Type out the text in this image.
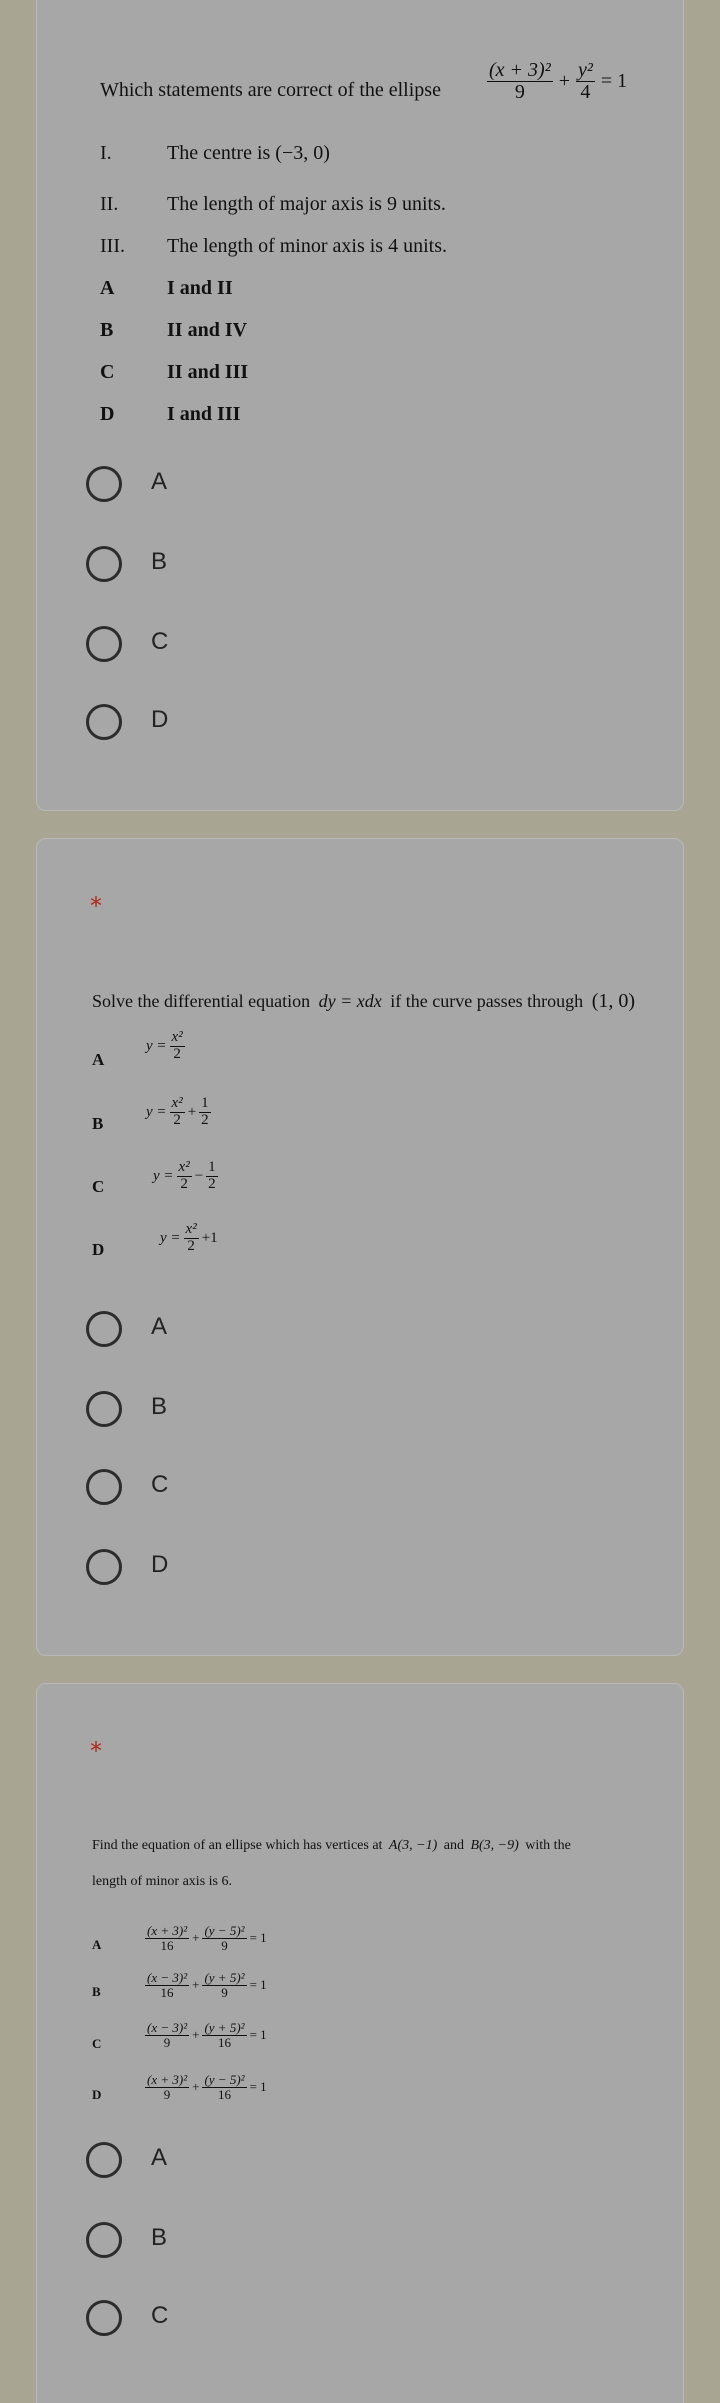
Which statements are correct of the ellipse $\frac{\text{(x + 3)²}}{9} + \frac{\text{y²}}{4} = 1$
I.	The centre is (−3, 0)
II. The length of major axis is 9 units.
III. The length of minor axis is 4 units.
A	I and II
B	II and IV
C	II and III
D	I and III
A
B
C
D
*
Solve the differential equation dy = xdx if the curve passes through (1, 0)
A
$y = \frac{\text{x²}}{2}$
B
$y = \frac{\text{x²}}{2} + \frac{1}{2}$
C
$y = \frac{\text{x²}}{2} - \frac{1}{2}$
D
$y = \frac{\text{x²}}{2} +1$
A
B
C
D
*
Find the equation of an ellipse which has vertices at A(3, −1) and B(3, −9) with the
length of minor axis is 6.
A	$\frac{\text{(x + 3)²}}{16} + \frac{\text{(y − 5)²}}{9} = 1$
B	$\frac{\text{(x − 3)²}}{16} + \frac{\text{(y + 5)²}}{9} = 1$
C	$\frac{\text{(x − 3)²}}{9} + \frac{\text{(y + 5)²}}{16} = 1$
D	$\frac{\text{(x + 3)²}}{9} + \frac{\text{(y − 5)²}}{16} = 1$
A
B
C
